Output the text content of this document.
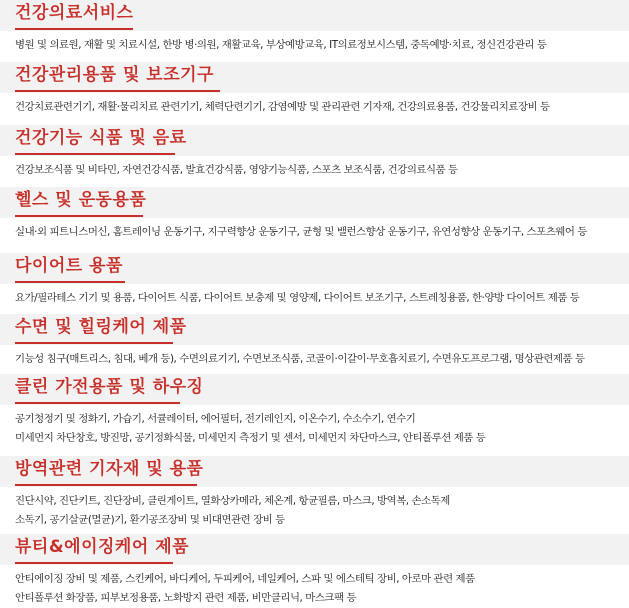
건강의료서비스
병원 및 의료원, 재활 및 치료시설, 한방 병·의원, 재활교육, 부상예방교육, IT의료정보시스템, 중독예방·치료, 정신건강관리 등
건강관리용품 및 보조기구
건강치료관련기기, 재활·물리치료 관련기기, 체력단련기기, 감염예방 및 관리관련 기자재, 건강의료용품, 건강물리치료장비 등
건강기능 식품 및 음료
건강보조식품 및 비타민, 자연건강식품, 발효건강식품, 영양기능식품, 스포츠 보조식품, 건강의료식품 등
헬스 및 운동용품
실내·외 피트니스머신, 홈트레이닝 운동기구, 지구력향상 운동기구, 균형 및 밸런스향상 운동기구, 유연성향상 운동기구, 스포츠웨어 등
다이어트 용품
요가/필라테스 기기 및 용품, 다이어트 식품, 다이어트 보충제 및 영양제, 다이어트 보조기구, 스트레칭용품, 한·양방 다이어트 제품 등
수면 및 힐링케어 제품
기능성 침구(매트리스, 침대, 베개 등), 수면의료기기, 수면보조식품, 코골이·이갈이·무호흡치료기, 수면유도프로그램, 명상관련제품 등
클린 가전용품 및 하우징
공기청정기 및 정화기, 가습기, 서큘레이터, 에어필터, 전기레인지, 이온수기, 수소수기, 연수기
미세먼지 차단창호, 방진망, 공기정화식물, 미세먼지 측정기 및 센서, 미세먼지 차단마스크, 안티폴루션 제품 등
방역관련 기자재 및 용품
진단시약, 진단키트, 진단장비, 클린게이트, 열화상카메라, 체온계, 항균필름, 마스크, 방역복, 손소독제
소독기, 공기살균(멸균)기, 환기공조장비 및 비대면관련 장비 등
뷰티&에이징케어 제품
안티에이징 장비 및 제품, 스킨케어, 바디케어, 두피케어, 네일케어, 스파 및 에스테틱 장비, 아로마 관련 제품
안티폴루션 화장품, 피부보정용품, 노화방지 관련 제품, 비만클리닉, 마스크팩 등
